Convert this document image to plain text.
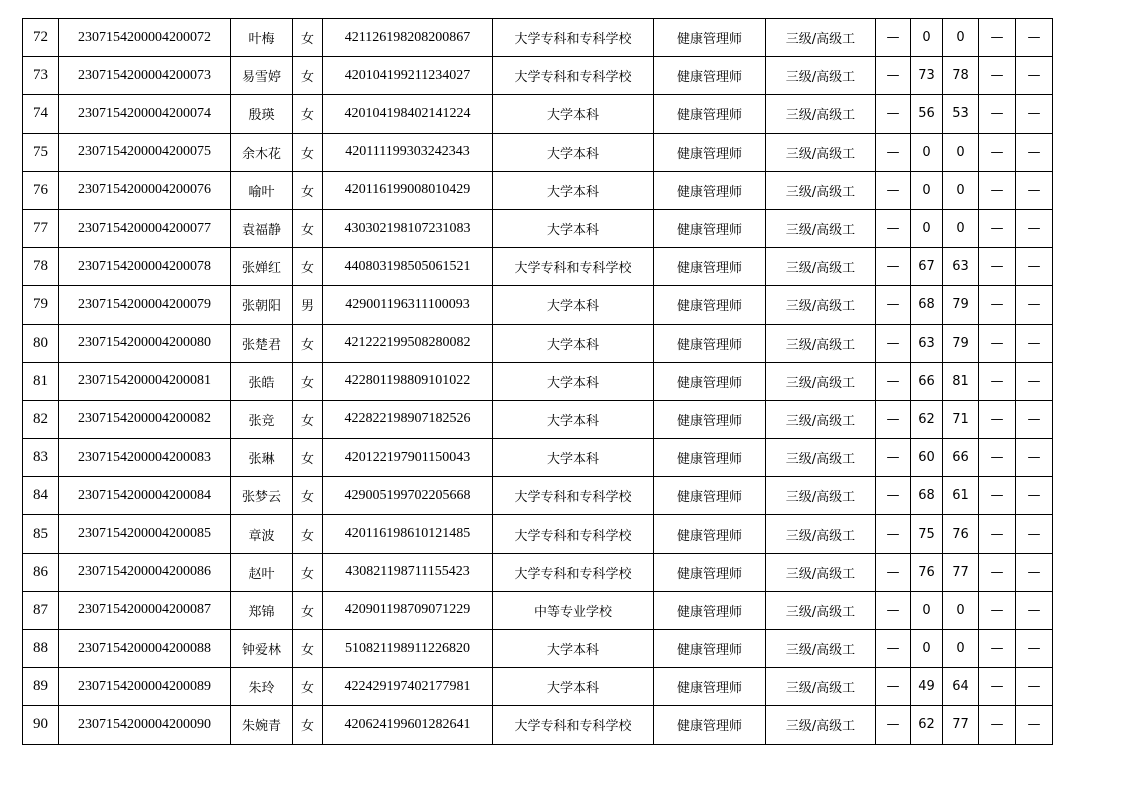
72	2307154200004200072	叶梅	女	421126198208200867	大学专科和专科学校	健康管理师	三级/高级工	—	0	0	—	—
73	2307154200004200073	易雪婷	女	420104199211234027	大学专科和专科学校	健康管理师	三级/高级工	—	73	78	—	—
74	2307154200004200074	殷瑛	女	420104198402141224	大学本科	健康管理师	三级/高级工	—	56	53	—	—
75	2307154200004200075	余木花	女	420111199303242343	大学本科	健康管理师	三级/高级工	—	0	0	—	—
76	2307154200004200076	喻叶	女	420116199008010429	大学本科	健康管理师	三级/高级工	—	0	0	—	—
77	2307154200004200077	袁福静	女	430302198107231083	大学本科	健康管理师	三级/高级工	—	0	0	—	—
78	2307154200004200078	张婵红	女	440803198505061521	大学专科和专科学校	健康管理师	三级/高级工	—	67	63	—	—
79	2307154200004200079	张朝阳	男	429001196311100093	大学本科	健康管理师	三级/高级工	—	68	79	—	—
80	2307154200004200080	张楚君	女	421222199508280082	大学本科	健康管理师	三级/高级工	—	63	79	—	—
81	2307154200004200081	张皓	女	422801198809101022	大学本科	健康管理师	三级/高级工	—	66	81	—	—
82	2307154200004200082	张竞	女	422822198907182526	大学本科	健康管理师	三级/高级工	—	62	71	—	—
83	2307154200004200083	张琳	女	420122197901150043	大学本科	健康管理师	三级/高级工	—	60	66	—	—
84	2307154200004200084	张梦云	女	429005199702205668	大学专科和专科学校	健康管理师	三级/高级工	—	68	61	—	—
85	2307154200004200085	章波	女	420116198610121485	大学专科和专科学校	健康管理师	三级/高级工	—	75	76	—	—
86	2307154200004200086	赵叶	女	430821198711155423	大学专科和专科学校	健康管理师	三级/高级工	—	76	77	—	—
87	2307154200004200087	郑锦	女	420901198709071229	中等专业学校	健康管理师	三级/高级工	—	0	0	—	—
88	2307154200004200088	钟爱林	女	510821198911226820	大学本科	健康管理师	三级/高级工	—	0	0	—	—
89	2307154200004200089	朱玲	女	422429197402177981	大学本科	健康管理师	三级/高级工	—	49	64	—	—
90	2307154200004200090	朱婉青	女	420624199601282641	大学专科和专科学校	健康管理师	三级/高级工	—	62	77	—	—
